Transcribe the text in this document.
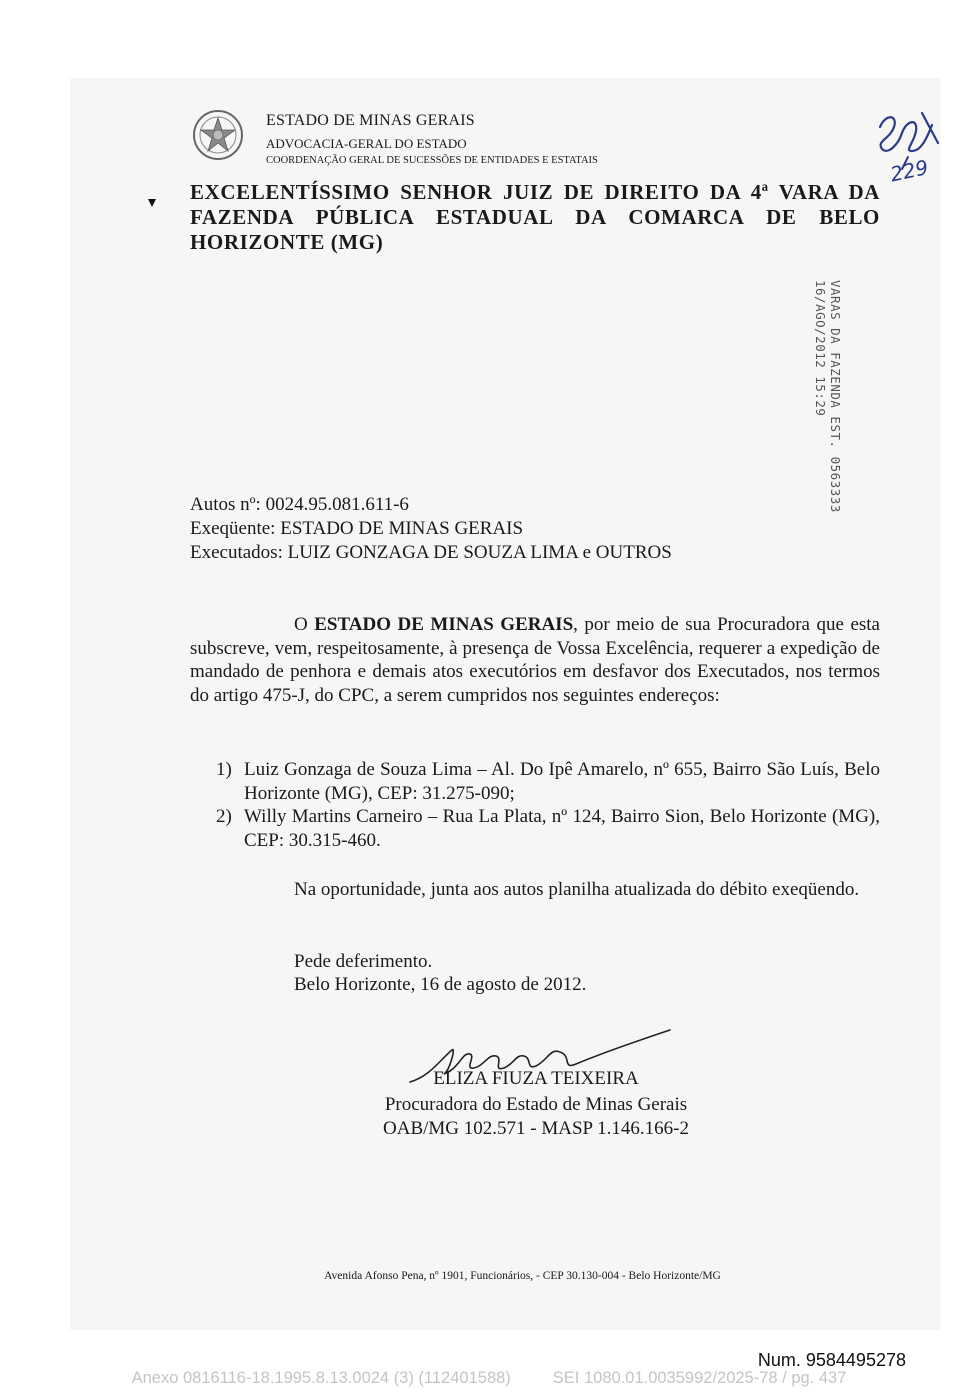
ESTADO DE MINAS GERAIS
ADVOCACIA-GERAL DO ESTADO
COORDENAÇÃO GERAL DE SUCESSÕES DE ENTIDADES E ESTATAIS
EXCELENTÍSSIMO SENHOR JUIZ DE DIREITO DA 4ª VARA DA FAZENDA PÚBLICA ESTADUAL DA COMARCA DE BELO HORIZONTE (MG)
229
VARAS DA FAZENDA EST. 0563333 16/AGO/2012 15:29
Autos nº: 0024.95.081.611-6
Exeqüente: ESTADO DE MINAS GERAIS
Executados: LUIZ GONZAGA DE SOUZA LIMA e OUTROS
O ESTADO DE MINAS GERAIS, por meio de sua Procuradora que esta subscreve, vem, respeitosamente, à presença de Vossa Excelência, requerer a expedição de mandado de penhora e demais atos executórios em desfavor dos Executados, nos termos do artigo 475-J, do CPC, a serem cumpridos nos seguintes endereços:
1) Luiz Gonzaga de Souza Lima – Al. Do Ipê Amarelo, nº 655, Bairro São Luís, Belo Horizonte (MG), CEP: 31.275-090;
2) Willy Martins Carneiro – Rua La Plata, nº 124, Bairro Sion, Belo Horizonte (MG), CEP: 30.315-460.
Na oportunidade, junta aos autos planilha atualizada do débito exeqüendo.
Pede deferimento.
Belo Horizonte, 16 de agosto de 2012.
ELIZA FIUZA TEIXEIRA
Procuradora do Estado de Minas Gerais
OAB/MG 102.571 - MASP 1.146.166-2
Avenida Afonso Pena, nº 1901, Funcionários, - CEP 30.130-004 - Belo Horizonte/MG
Num. 9584495278
Anexo 0816116-18.1995.8.13.0024 (3) (112401588)	SEI 1080.01.0035992/2025-78 / pg. 437
